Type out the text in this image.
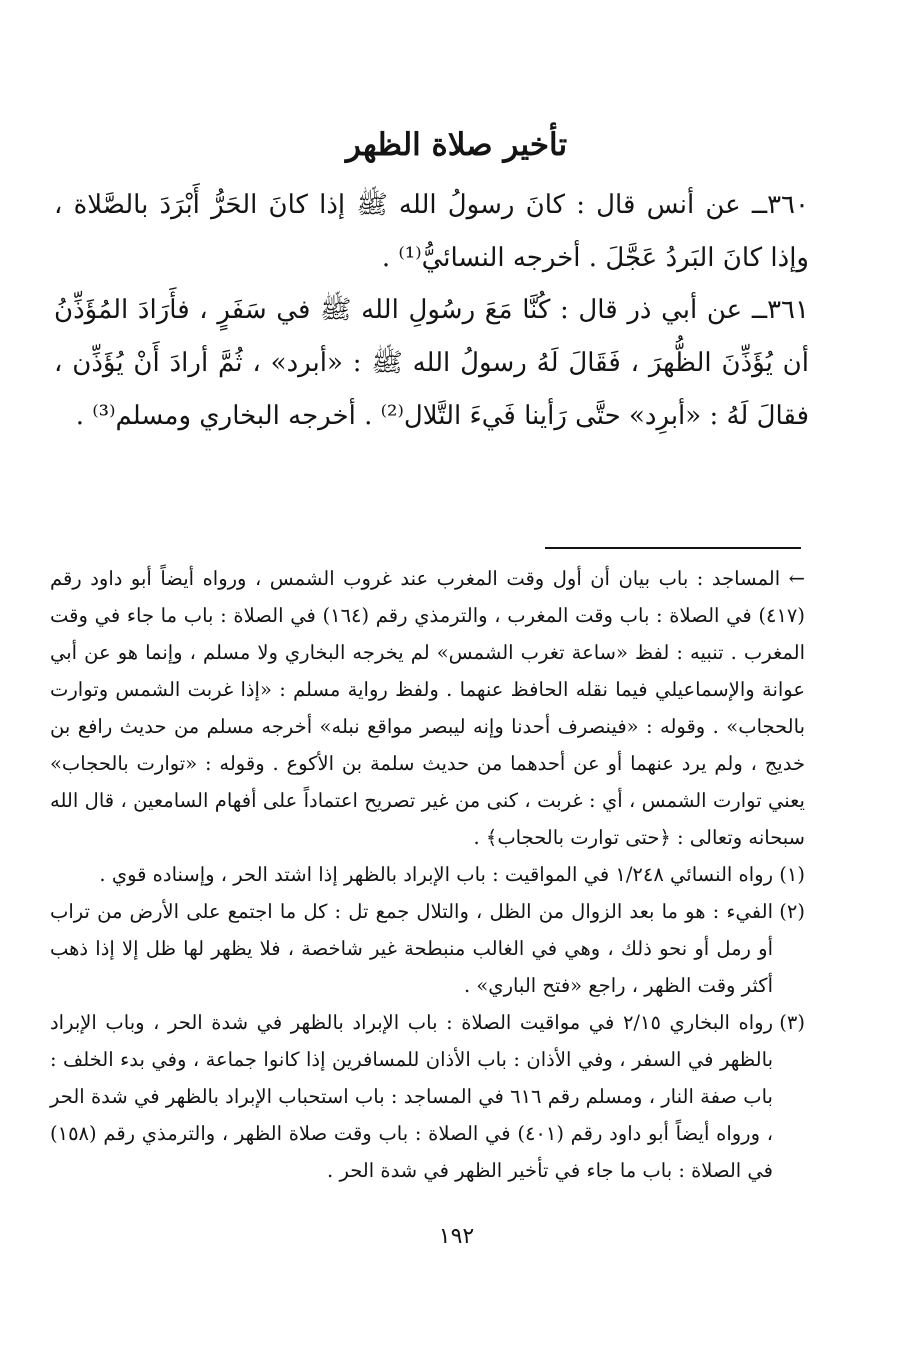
تأخير صلاة الظهر
٣٦٠ــ عن أنس قال : كانَ رسولُ الله ﷺ إذا كانَ الحَرُّ أَبْرَدَ بالصَّلاة ، وإذا كانَ البَردُ عَجَّلَ . أخرجه النسائيُّ⁽¹⁾ .
٣٦١ــ عن أبي ذر قال : كُنَّا مَعَ رسُولِ الله ﷺ في سَفَرٍ ، فأَرَادَ المُؤَذِّنُ أن يُؤَذِّنَ الظُّهرَ ، فَقَالَ لَهُ رسولُ الله ﷺ : «أبرد» ، ثُمَّ أرادَ أَنْ يُؤَذِّن ، فقالَ لَهُ : «أبرِد» حتَّى رَأينا فَيءَ التَّلال⁽²⁾ . أخرجه البخاري ومسلم⁽³⁾ .
← المساجد : باب بيان أن أول وقت المغرب عند غروب الشمس ، ورواه أيضاً أبو داود رقم (٤١٧) في الصلاة : باب وقت المغرب ، والترمذي رقم (١٦٤) في الصلاة : باب ما جاء في وقت المغرب . تنبيه : لفظ «ساعة تغرب الشمس» لم يخرجه البخاري ولا مسلم ، وإنما هو عن أبي عوانة والإسماعيلي فيما نقله الحافظ عنهما . ولفظ رواية مسلم : «إذا غربت الشمس وتوارت بالحجاب» . وقوله : «فينصرف أحدنا وإنه ليبصر مواقع نبله» أخرجه مسلم من حديث رافع بن خديج ، ولم يرد عنهما أو عن أحدهما من حديث سلمة بن الأكوع . وقوله : «توارت بالحجاب» يعني توارت الشمس ، أي : غربت ، كنى من غير تصريح اعتماداً على أفهام السامعين ، قال الله سبحانه وتعالى : ﴿حتى توارت بالحجاب﴾ .
(١)
رواه النسائي ١/٢٤٨ في المواقيت : باب الإبراد بالظهر إذا اشتد الحر ، وإسناده قوي .
(٢)
الفيء : هو ما بعد الزوال من الظل ، والتلال جمع تل : كل ما اجتمع على الأرض من تراب أو رمل أو نحو ذلك ، وهي في الغالب منبطحة غير شاخصة ، فلا يظهر لها ظل إلا إذا ذهب أكثر وقت الظهر ، راجع «فتح الباري» .
(٣)
رواه البخاري ٢/١٥ في مواقيت الصلاة : باب الإبراد بالظهر في شدة الحر ، وباب الإبراد بالظهر في السفر ، وفي الأذان : باب الأذان للمسافرين إذا كانوا جماعة ، وفي بدء الخلف : باب صفة النار ، ومسلم رقم ٦١٦ في المساجد : باب استحباب الإبراد بالظهر في شدة الحر ، ورواه أيضاً أبو داود رقم (٤٠١) في الصلاة : باب وقت صلاة الظهر ، والترمذي رقم (١٥٨) في الصلاة : باب ما جاء في تأخير الظهر في شدة الحر .
١٩٢
